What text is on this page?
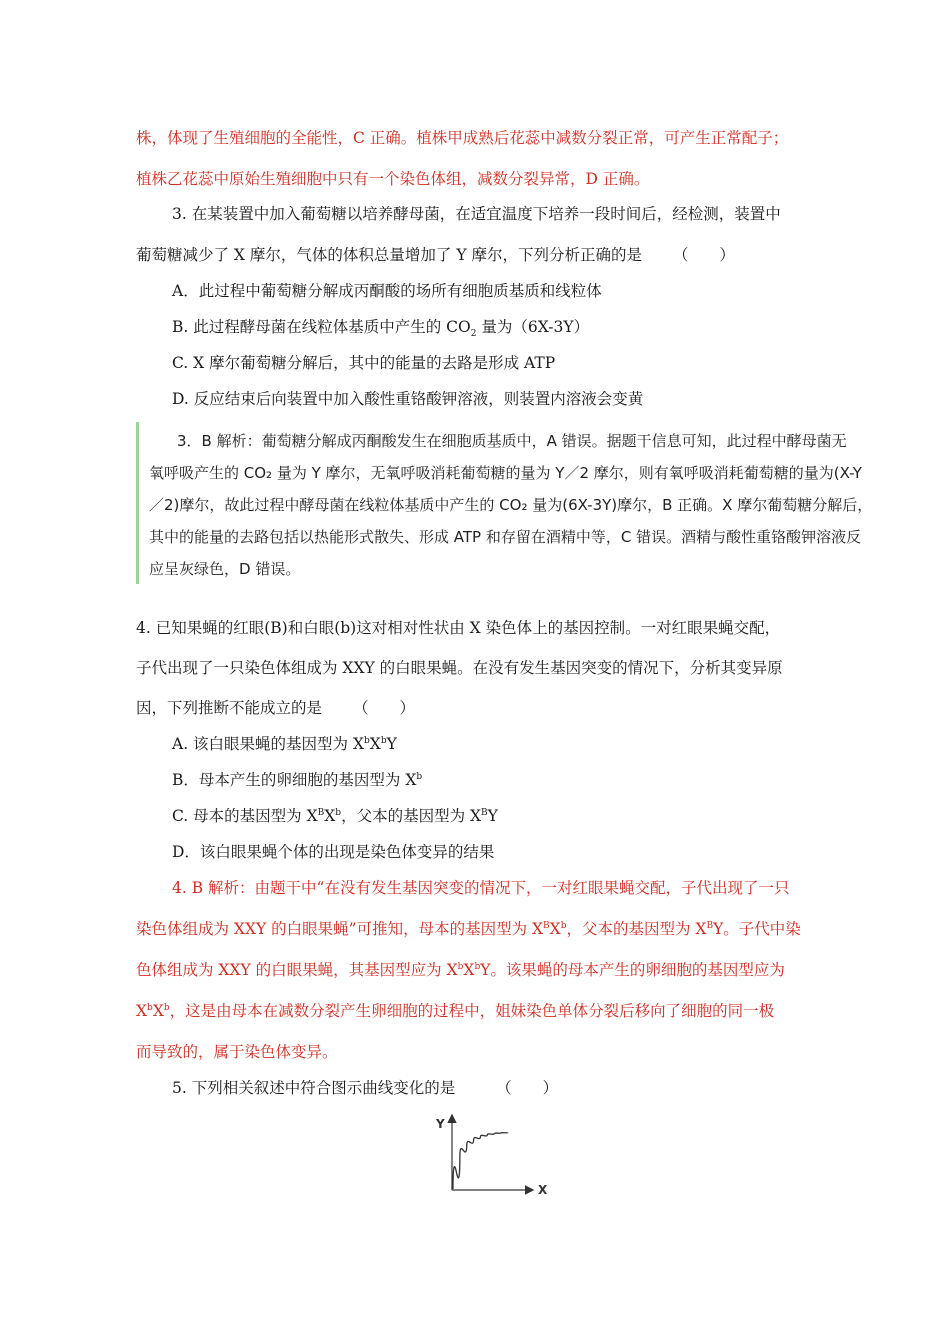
株，体现了生殖细胞的全能性，C 正确。植株甲成熟后花蕊中减数分裂正常，可产生正常配子；
植株乙花蕊中原始生殖细胞中只有一个染色体组，减数分裂异常，D 正确。
3. 在某装置中加入葡萄糖以培养酵母菌，在适宜温度下培养一段时间后，经检测，装置中
葡萄糖减少了 X 摩尔，气体的体积总量增加了 Y 摩尔，下列分析正确的是 （　　）
A．此过程中葡萄糖分解成丙酮酸的场所有细胞质基质和线粒体
B. 此过程酵母菌在线粒体基质中产生的 $CO_2$ 量为（6X-3Y）
C. X 摩尔葡萄糖分解后，其中的能量的去路是形成 ATP
D. 反应结束后向装置中加入酸性重铬酸钾溶液，则装置内溶液会变黄
3．B 解析：葡萄糖分解成丙酮酸发生在细胞质基质中，A 错误。据题干信息可知，此过程中酵母菌无
氧呼吸产生的 CO₂ 量为 Y 摩尔，无氧呼吸消耗葡萄糖的量为 Y／2 摩尔，则有氧呼吸消耗葡萄糖的量为(X-Y
／2)摩尔，故此过程中酵母菌在线粒体基质中产生的 CO₂ 量为(6X-3Y)摩尔，B 正确。X 摩尔葡萄糖分解后，
其中的能量的去路包括以热能形式散失、形成 ATP 和存留在酒精中等，C 错误。酒精与酸性重铬酸钾溶液反
应呈灰绿色，D 错误。
4. 已知果蝇的红眼(B)和白眼(b)这对相对性状由 X 染色体上的基因控制。一对红眼果蝇交配，
子代出现了一只染色体组成为 XXY 的白眼果蝇。在没有发生基因突变的情况下，分析其变异原
因，下列推断不能成立的是 （　　）
A. 该白眼果蝇的基因型为 $X^bX^bY$
B．母本产生的卵细胞的基因型为 $X^b$
C. 母本的基因型为 $X^BX^b$，父本的基因型为 $X^BY$
D．该白眼果蝇个体的出现是染色体变异的结果
4. B 解析：由题干中“在没有发生基因突变的情况下，一对红眼果蝇交配，子代出现了一只
染色体组成为 XXY 的白眼果蝇”可推知，母本的基因型为 $X^BX^b$，父本的基因型为 $X^BY$。子代中染
色体组成为 XXY 的白眼果蝇，其基因型应为 $X^bX^bY$。该果蝇的母本产生的卵细胞的基因型应为
$X^bX^b$，这是由母本在减数分裂产生卵细胞的过程中，姐妹染色单体分裂后移向了细胞的同一极
而导致的，属于染色体变异。
5. 下列相关叙述中符合图示曲线变化的是	（　　）
Y
X
